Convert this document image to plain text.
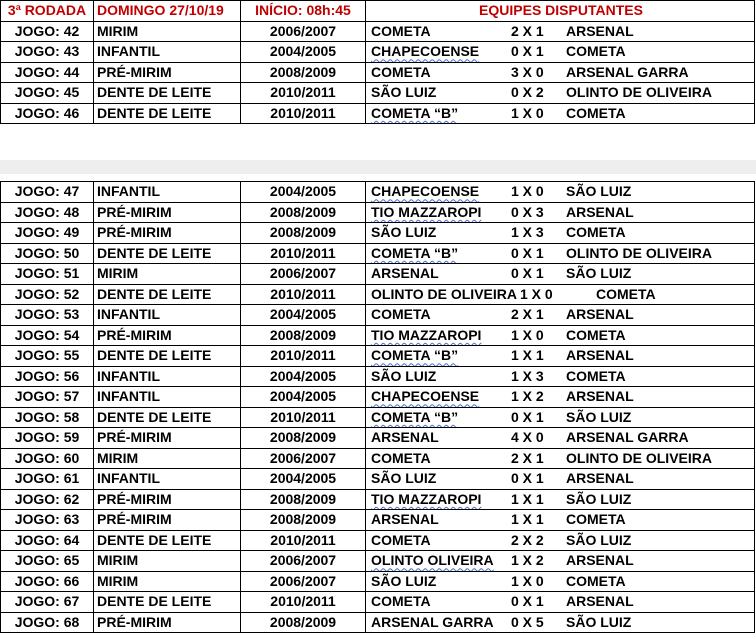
3ª RODADA	DOMINGO 27/10/19	INÍCIO: 08h:45	EQUIPES DISPUTANTES
JOGO: 42	MIRIM	2006/2007	COMETA 2 X 1 ARSENAL

JOGO: 43	INFANTIL	2004/2005	CHAPECOENSE 0 X 1 COMETA

JOGO: 44	PRÉ-MIRIM	2008/2009	COMETA 3 X 0 ARSENAL GARRA

JOGO: 45	DENTE DE LEITE	2010/2011	SÃO LUIZ 0 X 2 OLINTO DE OLIVEIRA

JOGO: 46	DENTE DE LEITE	2010/2011	COMETA “B” 1 X 0 COMETA
JOGO: 47	INFANTIL	2004/2005	CHAPECOENSE 1 X 0 SÃO LUIZ

JOGO: 48	PRÉ-MIRIM	2008/2009	TIO MAZZAROPI 0 X 3 ARSENAL

JOGO: 49	PRÉ-MIRIM	2008/2009	SÃO LUIZ 1 X 3 COMETA

JOGO: 50	DENTE DE LEITE	2010/2011	COMETA “B” 0 X 1 OLINTO DE OLIVEIRA

JOGO: 51	MIRIM	2006/2007	ARSENAL 0 X 1 SÃO LUIZ

JOGO: 52	DENTE DE LEITE	2010/2011	OLINTO DE OLIVEIRA 1 X 0 COMETA

JOGO: 53	INFANTIL	2004/2005	COMETA 2 X 1 ARSENAL

JOGO: 54	PRÉ-MIRIM	2008/2009	TIO MAZZAROPI 1 X 0 COMETA

JOGO: 55	DENTE DE LEITE	2010/2011	COMETA “B” 1 X 1 ARSENAL

JOGO: 56	INFANTIL	2004/2005	SÃO LUIZ 1 X 3 COMETA

JOGO: 57	INFANTIL	2004/2005	CHAPECOENSE 1 X 2 ARSENAL

JOGO: 58	DENTE DE LEITE	2010/2011	COMETA “B” 0 X 1 SÃO LUIZ

JOGO: 59	PRÉ-MIRIM	2008/2009	ARSENAL 4 X 0 ARSENAL GARRA

JOGO: 60	MIRIM	2006/2007	COMETA 2 X 1 OLINTO DE OLIVEIRA

JOGO: 61	INFANTIL	2004/2005	SÃO LUIZ 0 X 1 ARSENAL

JOGO: 62	PRÉ-MIRIM	2008/2009	TIO MAZZAROPI 1 X 1 SÃO LUIZ

JOGO: 63	PRÉ-MIRIM	2008/2009	ARSENAL 1 X 1 COMETA

JOGO: 64	DENTE DE LEITE	2010/2011	COMETA 2 X 2 SÃO LUIZ

JOGO: 65	MIRIM	2006/2007	OLINTO OLIVEIRA 1 X 2 ARSENAL

JOGO: 66	MIRIM	2006/2007	SÃO LUIZ 1 X 0 COMETA

JOGO: 67	DENTE DE LEITE	2010/2011	COMETA 0 X 1 ARSENAL

JOGO: 68	PRÉ-MIRIM	2008/2009	ARSENAL GARRA 0 X 5 SÃO LUIZ
